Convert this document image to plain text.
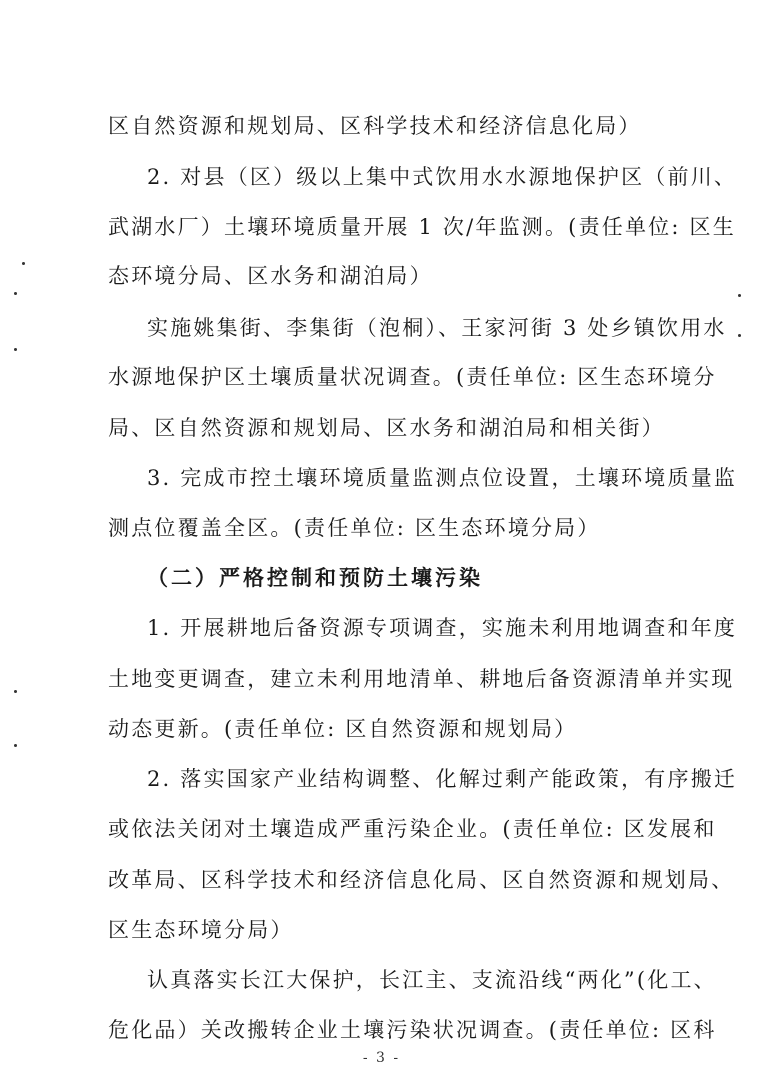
区自然资源和规划局、区科学技术和经济信息化局）
2. 对县（区）级以上集中式饮用水水源地保护区（前川、
武湖水厂）土壤环境质量开展 1 次/年监测。(责任单位: 区生
态环境分局、区水务和湖泊局）
实施姚集街、李集街（泡桐）、王家河街 3 处乡镇饮用水
水源地保护区土壤质量状况调查。(责任单位: 区生态环境分
局、区自然资源和规划局、区水务和湖泊局和相关街）
3. 完成市控土壤环境质量监测点位设置，土壤环境质量监
测点位覆盖全区。(责任单位: 区生态环境分局）
（二）严格控制和预防土壤污染
1. 开展耕地后备资源专项调查，实施未利用地调查和年度
土地变更调查，建立未利用地清单、耕地后备资源清单并实现
动态更新。(责任单位: 区自然资源和规划局）
2. 落实国家产业结构调整、化解过剩产能政策，有序搬迁
或依法关闭对土壤造成严重污染企业。(责任单位: 区发展和
改革局、区科学技术和经济信息化局、区自然资源和规划局、
区生态环境分局）
认真落实长江大保护，长江主、支流沿线“两化”(化工、
危化品）关改搬转企业土壤污染状况调查。(责任单位: 区科
- 3 -
